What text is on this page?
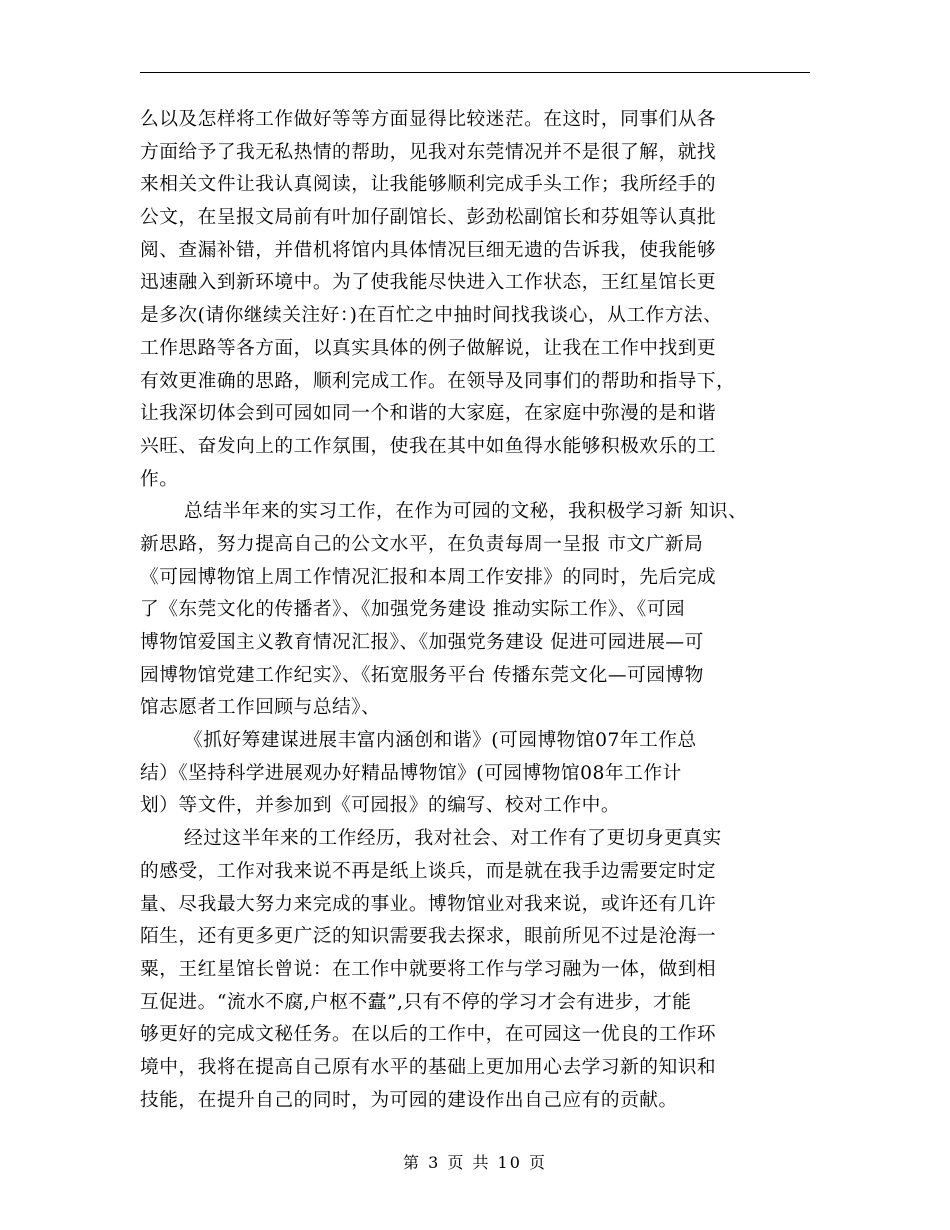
么以及怎样将工作做好等等方面显得比较迷茫。在这时，同事们从各
方面给予了我无私热情的帮助，见我对东莞情况并不是很了解，就找
来相关文件让我认真阅读，让我能够顺利完成手头工作；我所经手的
公文，在呈报文局前有叶加仔副馆长、彭劲松副馆长和芬姐等认真批
阅、查漏补错，并借机将馆内具体情况巨细无遗的告诉我，使我能够
迅速融入到新环境中。为了使我能尽快进入工作状态，王红星馆长更
是多次(请你继续关注好：)在百忙之中抽时间找我谈心，从工作方法、
工作思路等各方面，以真实具体的例子做解说，让我在工作中找到更
有效更准确的思路，顺利完成工作。在领导及同事们的帮助和指导下，
让我深切体会到可园如同一个和谐的大家庭，在家庭中弥漫的是和谐
兴旺、奋发向上的工作氛围，使我在其中如鱼得水能够积极欢乐的工
作。
总结半年来的实习工作，在作为可园的文秘，我积极学习新 知识、
新思路，努力提高自己的公文水平，在负责每周一呈报 市文广新局
《可园博物馆上周工作情况汇报和本周工作安排》的同时，先后完成
了《东莞文化的传播者》、《加强党务建设 推动实际工作》、《可园
博物馆爱国主义教育情况汇报》、《加强党务建设 促进可园进展—可
园博物馆党建工作纪实》、《拓宽服务平台 传播东莞文化—可园博物
馆志愿者工作回顾与总结》、
《抓好筹建谋进展丰富内涵创和谐》(可园博物馆07年工作总
结）《坚持科学进展观办好精品博物馆》(可园博物馆08年工作计
划）等文件，并参加到《可园报》的编写、校对工作中。
经过这半年来的工作经历，我对社会、对工作有了更切身更真实
的感受，工作对我来说不再是纸上谈兵，而是就在我手边需要定时定
量、尽我最大努力来完成的事业。博物馆业对我来说，或许还有几许
陌生，还有更多更广泛的知识需要我去探求，眼前所见不过是沧海一
粟，王红星馆长曾说：在工作中就要将工作与学习融为一体，做到相
互促进。“流水不腐,户枢不蠹”,只有不停的学习才会有进步，才能
够更好的完成文秘任务。在以后的工作中，在可园这一优良的工作环
境中，我将在提高自己原有水平的基础上更加用心去学习新的知识和
技能，在提升自己的同时，为可园的建设作出自己应有的贡献。
第 3 页 共 10 页
